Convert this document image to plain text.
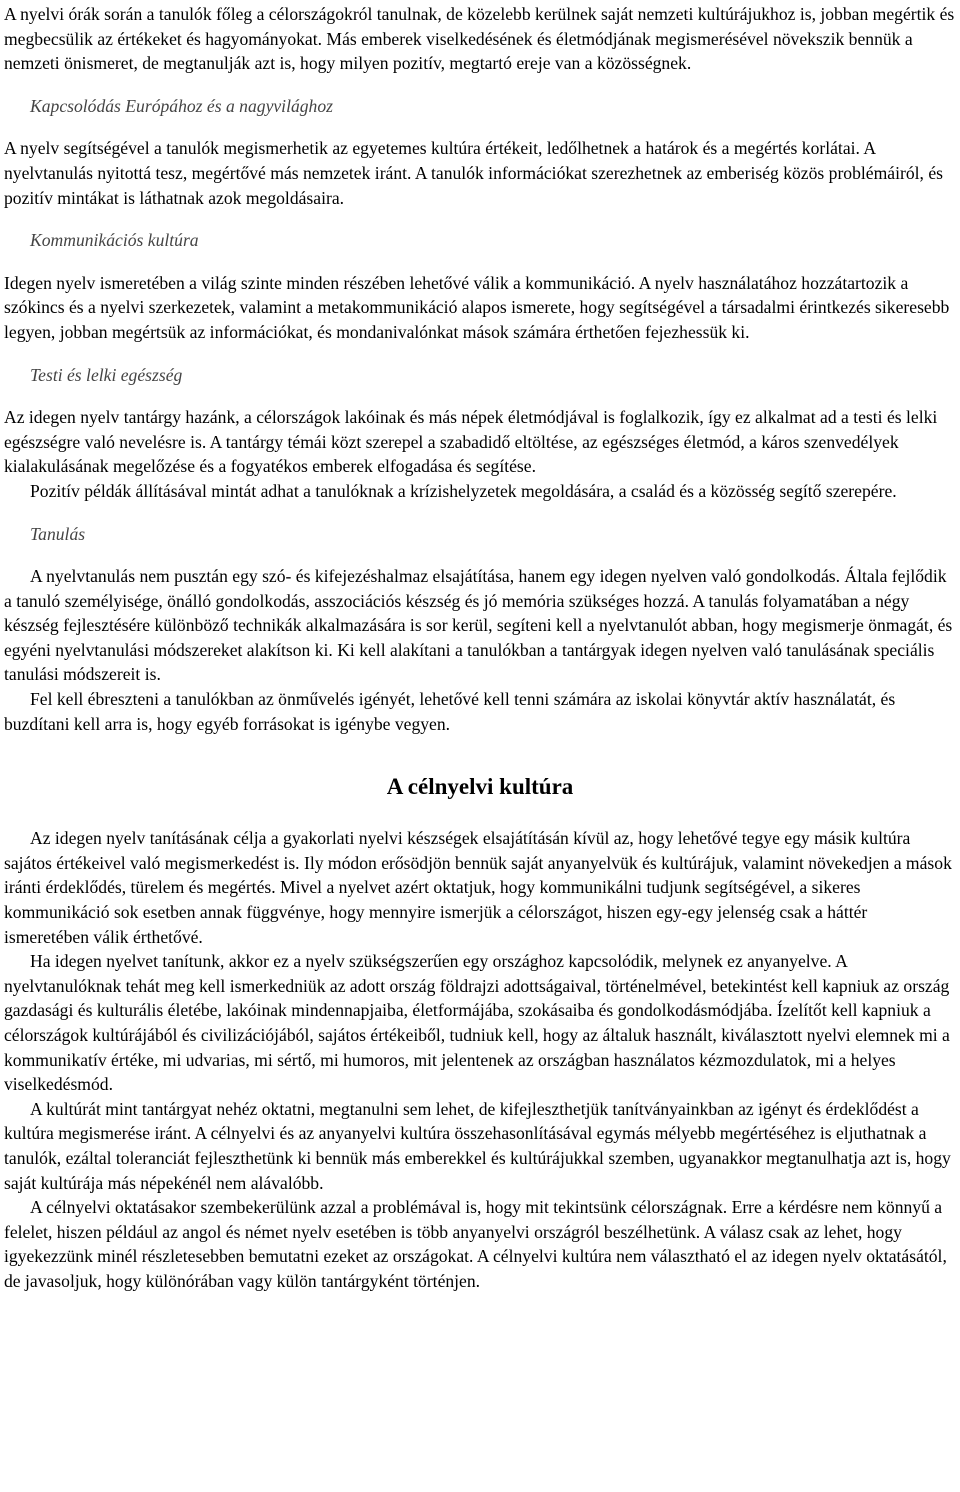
A nyelvi órák során a tanulók főleg a célországokról tanulnak, de közelebb kerülnek saját nemzeti kultúrájukhoz is, jobban megértik és megbecsülik az értékeket és hagyományokat. Más emberek viselkedésének és életmódjának megismerésével növekszik bennük a nemzeti önismeret, de megtanulják azt is, hogy milyen pozitív, megtartó ereje van a közösségnek.

Kapcsolódás Európához és a nagyvilághoz

A nyelv segítségével a tanulók megismerhetik az egyetemes kultúra értékeit, ledőlhetnek a határok és a megértés korlátai. A nyelvtanulás nyitottá tesz, megértővé más nemzetek iránt. A tanulók információkat szerezhetnek az emberiség közös problémáiról, és pozitív mintákat is láthatnak azok megoldásaira.

Kommunikációs kultúra

Idegen nyelv ismeretében a világ szinte minden részében lehetővé válik a kommunikáció. A nyelv használatához hozzátartozik a szókincs és a nyelvi szerkezetek, valamint a metakommunikáció alapos ismerete, hogy segítségével a társadalmi érintkezés sikeresebb legyen, jobban megértsük az információkat, és mondanivalónkat mások számára érthetően fejezhessük ki.

Testi és lelki egészség

Az idegen nyelv tantárgy hazánk, a célországok lakóinak és más népek életmódjával is foglalkozik, így ez alkalmat ad a testi és lelki egészségre való nevelésre is. A tantárgy témái közt szerepel a szabadidő eltöltése, az egészséges életmód, a káros szenvedélyek kialakulásának megelőzése és a fogyatékos emberek elfogadása és segítése.

Pozitív példák állításával mintát adhat a tanulóknak a krízishelyzetek megoldására, a család és a közösség segítő szerepére.

Tanulás

A nyelvtanulás nem pusztán egy szó- és kifejezéshalmaz elsajátítása, hanem egy idegen nyelven való gondolkodás. Általa fejlődik a tanuló személyisége, önálló gondolkodás, asszociációs készség és jó memória szükséges hozzá. A tanulás folyamatában a négy készség fejlesztésére különböző technikák alkalmazására is sor kerül, segíteni kell a nyelvtanulót abban, hogy megismerje önmagát, és egyéni nyelvtanulási módszereket alakítson ki. Ki kell alakítani a tanulókban a tantárgyak idegen nyelven való tanulásának speciális tanulási módszereit is.

Fel kell ébreszteni a tanulókban az önművelés igényét, lehetővé kell tenni számára az iskolai könyvtár aktív használatát, és buzdítani kell arra is, hogy egyéb forrásokat is igénybe vegyen.

A célnyelvi kultúra

Az idegen nyelv tanításának célja a gyakorlati nyelvi készségek elsajátításán kívül az, hogy lehetővé tegye egy másik kultúra sajátos értékeivel való megismerkedést is. Ily módon erősödjön bennük saját anyanyelvük és kultúrájuk, valamint növekedjen a mások iránti érdeklődés, türelem és megértés. Mivel a nyelvet azért oktatjuk, hogy kommunikálni tudjunk segítségével, a sikeres kommunikáció sok esetben annak függvénye, hogy mennyire ismerjük a célországot, hiszen egy-egy jelenség csak a háttér ismeretében válik érthetővé.

Ha idegen nyelvet tanítunk, akkor ez a nyelv szükségszerűen egy országhoz kapcsolódik, melynek ez anyanyelve. A nyelvtanulóknak tehát meg kell ismerkedniük az adott ország földrajzi adottságaival, történelmével, betekintést kell kapniuk az ország gazdasági és kulturális életébe, lakóinak mindennapjaiba, életformájába, szokásaiba és gondolkodásmódjába. Ízelítőt kell kapniuk a célországok kultúrájából és civilizációjából, sajátos értékeiből, tudniuk kell, hogy az általuk használt, kiválasztott nyelvi elemnek mi a kommunikatív értéke, mi udvarias, mi sértő, mi humoros, mit jelentenek az országban használatos kézmozdulatok, mi a helyes viselkedésmód.

A kultúrát mint tantárgyat nehéz oktatni, megtanulni sem lehet, de kifejleszthetjük tanítványainkban az igényt és érdeklődést a kultúra megismerése iránt. A célnyelvi és az anyanyelvi kultúra összehasonlításával egymás mélyebb megértéséhez is eljuthatnak a tanulók, ezáltal toleranciát fejleszthetünk ki bennük más emberekkel és kultúrájukkal szemben, ugyanakkor megtanulhatja azt is, hogy saját kultúrája más népekénél nem alávalóbb.

A célnyelvi oktatásakor szembekerülünk azzal a problémával is, hogy mit tekintsünk célországnak. Erre a kérdésre nem könnyű a felelet, hiszen például az angol és német nyelv esetében is több anyanyelvi országról beszélhetünk. A válasz csak az lehet, hogy igyekezzünk minél részletesebben bemutatni ezeket az országokat. A célnyelvi kultúra nem választható el az idegen nyelv oktatásától, de javasoljuk, hogy különórában vagy külön tantárgyként történjen.
